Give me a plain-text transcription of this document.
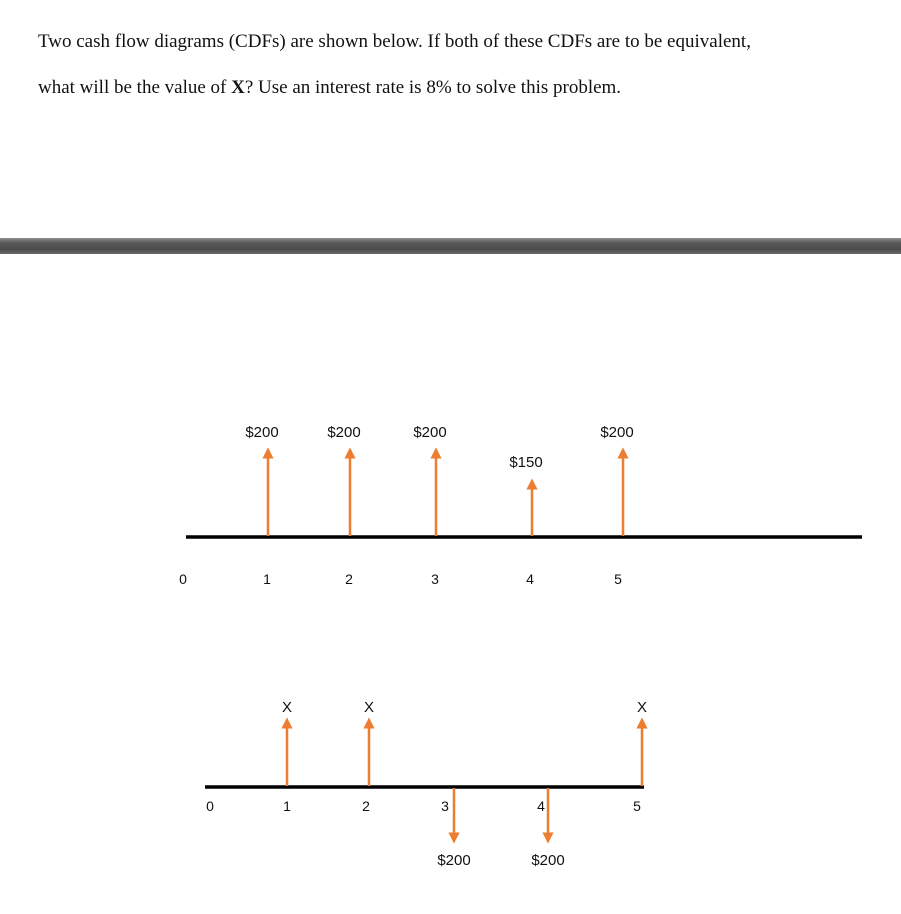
Two cash flow diagrams (CDFs) are shown below. If both of these CDFs are to be equivalent,

what will be the value of X? Use an interest rate is 8% to solve this problem.

0	1	2	3	4	5
$200	$200	$200
$150
$200
0	1	2	3	4	5
X	X
$200	$200
X
